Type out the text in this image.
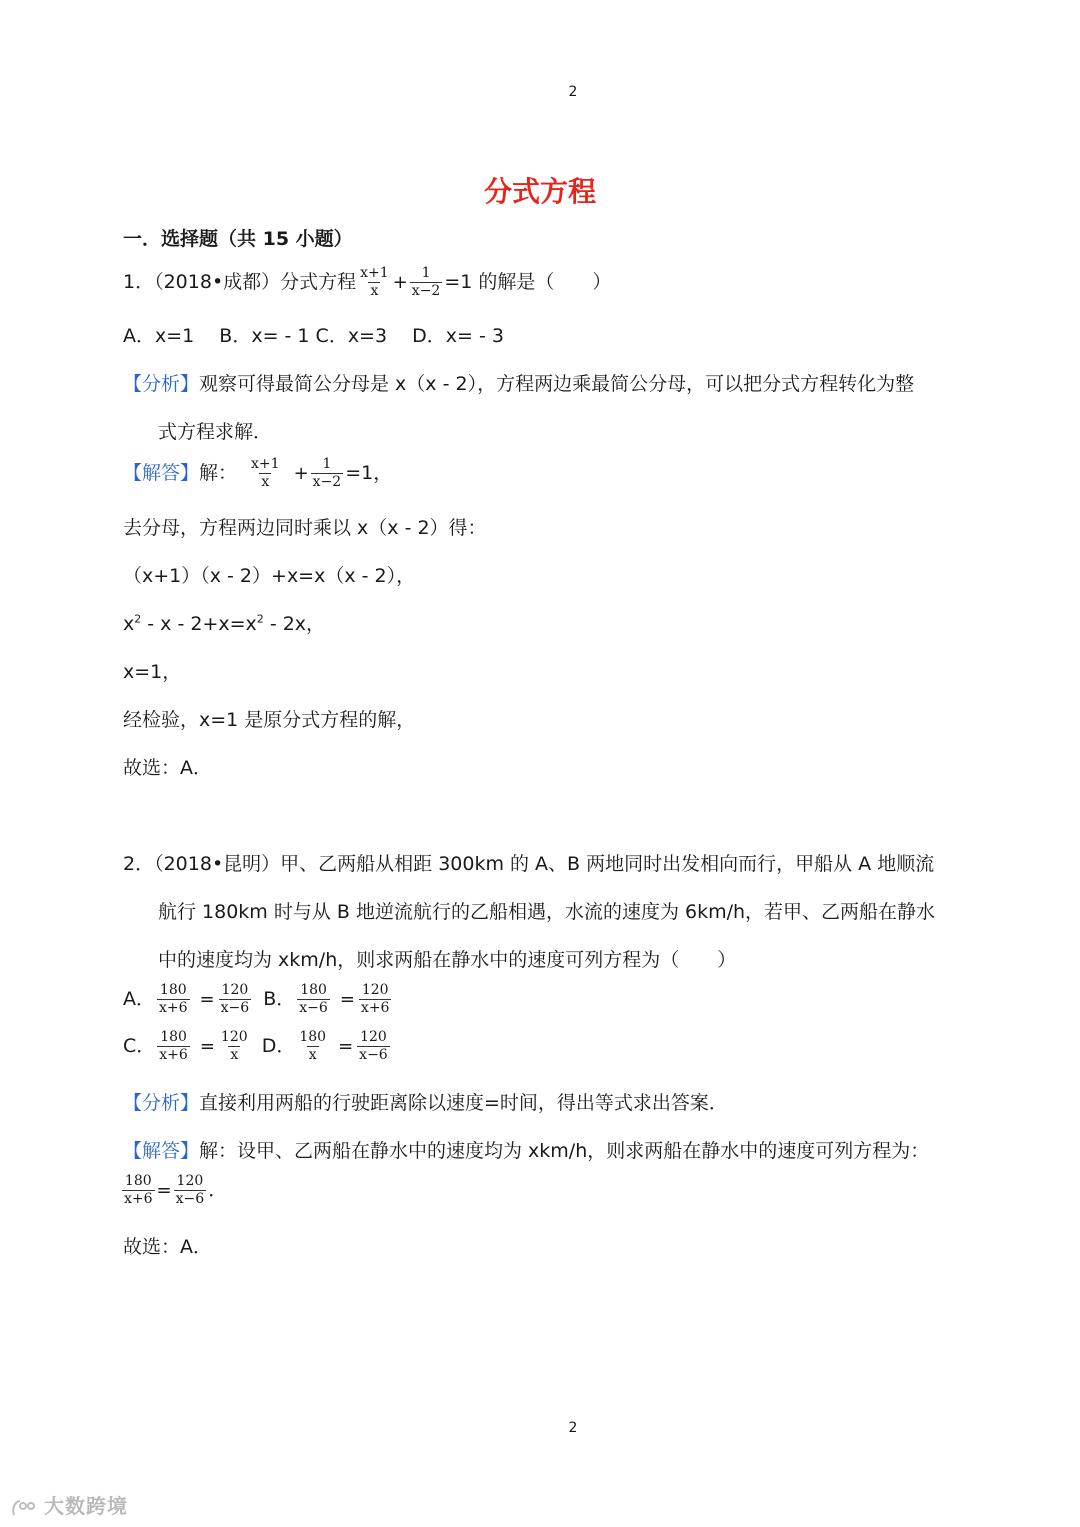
2
分式方程
一．选择题（共 15 小题）
1．（2018•成都）分式方程 $\frac{x+1}{x} + \frac{1}{x-2} =1$ 的解是（　　）
A．x=1　 B．x= - 1 C．x=3　 D．x= - 3
【分析】观察可得最简公分母是 x（x - 2），方程两边乘最简公分母，可以把分式方程转化为整
式方程求解．
【解答】解： $\frac{x+1}{x} + \frac{1}{x-2} =1$，
去分母，方程两边同时乘以 x（x - 2）得：
（x+1）（x - 2）+x=x（x - 2），
$x^2 - x - 2+x=x^2 - 2x$，
x=1，
经检验，x=1 是原分式方程的解，
故选：A．
2．（2018•昆明）甲、乙两船从相距 300km 的 A、B 两地同时出发相向而行，甲船从 A 地顺流
航行 180km 时与从 B 地逆流航行的乙船相遇，水流的速度为 6km/h，若甲、乙两船在静水
中的速度均为 xkm/h，则求两船在静水中的速度可列方程为（　　）
A． $\frac{180}{x+6} = \frac{120}{x-6}$ B． $\frac{180}{x-6} = \frac{120}{x+6}$
C． $\frac{180}{x+6} = \frac{120}{x}$ D． $\frac{180}{x} = \frac{120}{x-6}$
【分析】直接利用两船的行驶距离除以速度=时间，得出等式求出答案．
【解答】解：设甲、乙两船在静水中的速度均为 xkm/h，则求两船在静水中的速度可列方程为：
$\frac{180}{x+6} = \frac{120}{x-6}$ ．
故选：A．
2
大数跨境
